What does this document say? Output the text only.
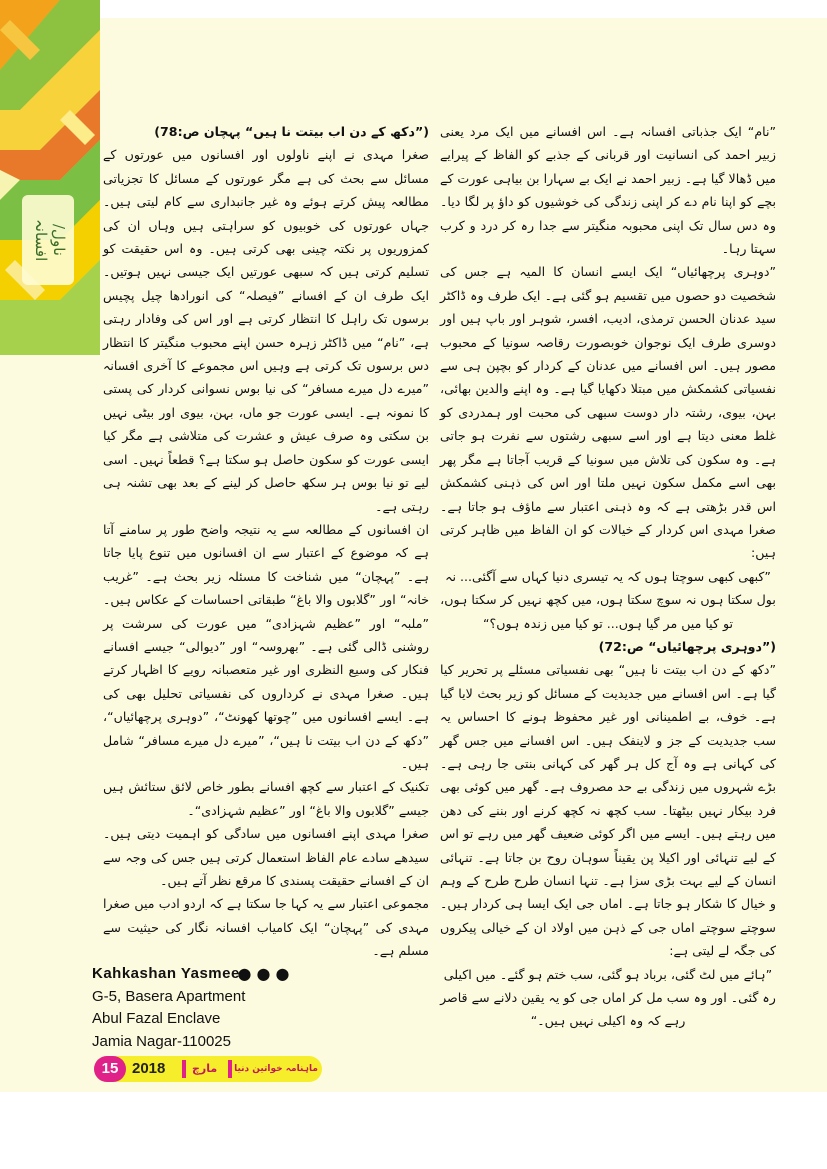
ناول/افسانہ

”نام“ ایک جذباتی افسانہ ہے۔ اس افسانے میں ایک مرد یعنی زبیر احمد کی انسانیت اور قربانی کے جذبے کو الفاظ کے پیرایے میں ڈھالا گیا ہے۔ زبیر احمد نے ایک بے سہارا بن بیاہی عورت کے بچے کو اپنا نام دے کر اپنی زندگی کی خوشیوں کو داؤ پر لگا دیا۔ وہ دس سال تک اپنی محبوبہ منگیتر سے جدا رہ کر درد و کرب سہتا رہا۔

”دوہری پرچھائیاں“ ایک ایسے انسان کا المیہ ہے جس کی شخصیت دو حصوں میں تقسیم ہو گئی ہے۔ ایک طرف وہ ڈاکٹر سید عدنان الحسن ترمذی، ادیب، افسر، شوہر اور باپ ہیں اور دوسری طرف ایک نوجوان خوبصورت رقاصہ سونیا کے محبوب مصور ہیں۔ اس افسانے میں عدنان کے کردار کو بچپن ہی سے نفسیاتی کشمکش میں مبتلا دکھایا گیا ہے۔ وہ اپنے والدین بھائی، بہن، بیوی، رشتہ دار دوست سبھی کی محبت اور ہمدردی کو غلط معنی دیتا ہے اور اسے سبھی رشتوں سے نفرت ہو جاتی ہے۔ وہ سکون کی تلاش میں سونیا کے قریب آجاتا ہے مگر پھر بھی اسے مکمل سکون نہیں ملتا اور اس کی ذہنی کشمکش اس قدر بڑھتی ہے کہ وہ ذہنی اعتبار سے ماؤف ہو جاتا ہے۔ صغرا مہدی اس کردار کے خیالات کو ان الفاظ میں ظاہر کرتی ہیں:

”کبھی کبھی سوچتا ہوں کہ یہ تیسری دنیا کہاں سے آگئی... نہ بول سکتا ہوں نہ سوچ سکتا ہوں، میں کچھ نہیں کر سکتا ہوں، تو کیا میں مر گیا ہوں... تو کیا میں زندہ ہوں؟“

(”دوہری پرچھائیاں“ ص:72)

”دکھ کے دن اب بیتت نا ہیں“ بھی نفسیاتی مسئلے پر تحریر کیا گیا ہے۔ اس افسانے میں جدیدیت کے مسائل کو زیر بحث لایا گیا ہے۔ خوف، بے اطمینانی اور غیر محفوظ ہونے کا احساس یہ سب جدیدیت کے جز و لاینفک ہیں۔ اس افسانے میں جس گھر کی کہانی ہے وہ آج کل ہر گھر کی کہانی بنتی جا رہی ہے۔ بڑے شہروں میں زندگی بے حد مصروف ہے۔ گھر میں کوئی بھی فرد بیکار نہیں بیٹھتا۔ سب کچھ نہ کچھ کرنے اور بننے کی دھن میں رہتے ہیں۔ ایسے میں اگر کوئی ضعیف گھر میں رہے تو اس کے لیے تنہائی اور اکیلا پن یقیناً سوہان روح بن جاتا ہے۔ تنہائی انسان کے لیے بہت بڑی سزا ہے۔ تنہا انسان طرح طرح کے وہم و خیال کا شکار ہو جاتا ہے۔ اماں جی ایک ایسا ہی کردار ہیں۔ سوچتے سوچتے اماں جی کے ذہن میں اولاد ان کے خیالی پیکروں کی جگہ لے لیتی ہے:

”ہائے میں لٹ گئی، برباد ہو گئی، سب ختم ہو گئے۔ میں اکیلی رہ گئی۔ اور وہ سب مل کر اماں جی کو یہ یقین دلانے سے قاصر رہے کہ وہ اکیلی نہیں ہیں۔“

(”دکھ کے دن اب بیتت نا ہیں“ پہچان ص:78)

صغرا مہدی نے اپنے ناولوں اور افسانوں میں عورتوں کے مسائل سے بحث کی ہے مگر عورتوں کے مسائل کا تجزیاتی مطالعہ پیش کرتے ہوئے وہ غیر جانبداری سے کام لیتی ہیں۔ جہاں عورتوں کی خوبیوں کو سراہتی ہیں وہاں ان کی کمزوریوں پر نکتہ چینی بھی کرتی ہیں۔ وہ اس حقیقت کو تسلیم کرتی ہیں کہ سبھی عورتیں ایک جیسی نہیں ہوتیں۔ ایک طرف ان کے افسانے ”فیصلہ“ کی انورادھا چیل پچیس برسوں تک راہل کا انتظار کرتی ہے اور اس کی وفادار رہتی ہے، ”نام“ میں ڈاکٹر زہرہ حسن اپنے محبوب منگیتر کا انتظار دس برسوں تک کرتی ہے وہیں اس مجموعے کا آخری افسانہ ”میرے دل میرے مسافر“ کی نیا بوس نسوانی کردار کی پستی کا نمونہ ہے۔ ایسی عورت جو ماں، بہن، بیوی اور بیٹی نہیں بن سکتی وہ صرف عیش و عشرت کی متلاشی ہے مگر کیا ایسی عورت کو سکون حاصل ہو سکتا ہے؟ قطعاً نہیں۔ اسی لیے تو نیا بوس ہر سکھ حاصل کر لینے کے بعد بھی تشنہ ہی رہتی ہے۔

ان افسانوں کے مطالعہ سے یہ نتیجہ واضح طور پر سامنے آتا ہے کہ موضوع کے اعتبار سے ان افسانوں میں تنوع پایا جاتا ہے۔ ”پہچان“ میں شناخت کا مسئلہ زیر بحث ہے۔ ”غریب خانہ“ اور ”گلابوں والا باغ“ طبقاتی احساسات کے عکاس ہیں۔ ”ملبہ“ اور ”عظیم شہزادی“ میں عورت کی سرشت پر روشنی ڈالی گئی ہے۔ ”بھروسہ“ اور ”دیوالی“ جیسے افسانے فنکار کی وسیع النظری اور غیر متعصبانہ رویے کا اظہار کرتے ہیں۔ صغرا مہدی نے کرداروں کی نفسیاتی تحلیل بھی کی ہے۔ ایسے افسانوں میں ”چوتھا کھونٹ“، ”دوہری پرچھائیاں“، ”دکھ کے دن اب بیتت نا ہیں“، ”میرے دل میرے مسافر“ شامل ہیں۔

تکنیک کے اعتبار سے کچھ افسانے بطور خاص لائق ستائش ہیں جیسے ”گلابوں والا باغ“ اور ”عظیم شہزادی“۔

صغرا مہدی اپنے افسانوں میں سادگی کو اہمیت دیتی ہیں۔ سیدھے سادے عام الفاظ استعمال کرتی ہیں جس کی وجہ سے ان کے افسانے حقیقت پسندی کا مرقع نظر آتے ہیں۔

مجموعی اعتبار سے یہ کہا جا سکتا ہے کہ اردو ادب میں صغرا مہدی کی ”پہچان“ ایک کامیاب افسانہ نگار کی حیثیت سے مسلم ہے۔

●●●

Kahkashan Yasmeen
G-5, Basera Apartment
Abul Fazal Enclave
Jamia Nagar-110025
15 2018 مارچ ماہنامہ خواتین دنیا
